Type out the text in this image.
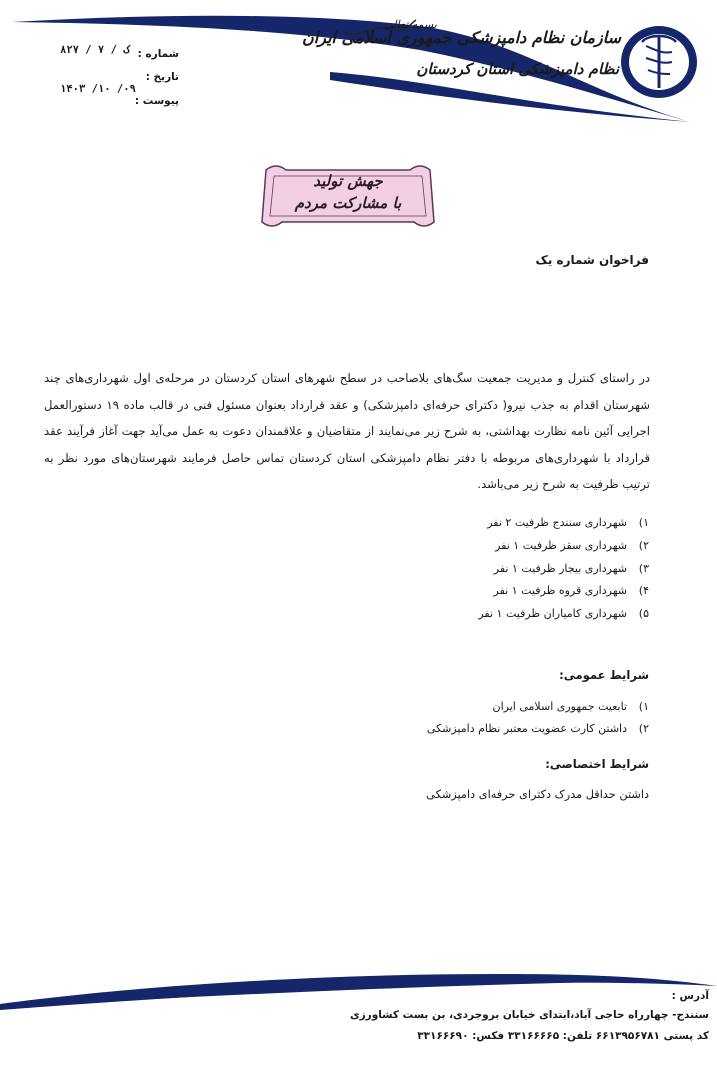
سازمان نظام دامپزشکی جمهوری اسلامی ایران
نظام دامپزشکی استان کردستان
بسمه تعالی
شماره :
۸۲۷ / ۷ / ک
تاریخ :
۱۴۰۳ /۱۰ /۰۹
پیوست :
جهش تولید
با مشارکت مردم
فراخوان شماره یک
در راستای کنترل و مدیریت جمعیت سگ‌های بلاصاحب در سطح شهرهای استان کردستان در مرحله‌ی اول شهرداری‌های چند شهرستان اقدام به جذب نیرو( دکترای حرفه‌ای دامپزشکی) و عقد قرارداد بعنوان مسئول فنی در قالب ماده ۱۹ دستورالعمل اجرایی آئین نامه نظارت بهداشتی، به شرح زیر می‌نمایند از متقاضیان و علاقمندان دعوت به عمل می‌آید جهت آغاز فرآیند عقد قرارداد با شهرداری‌های مربوطه با دفتر نظام دامپزشکی استان کردستان تماس حاصل فرمایند شهرستان‌های مورد نظر به ترتیب ظرفیت به شرح زیر می‌باشد.
۱)شهرداری سنندج ظرفیت ۲ نفر
۲)شهرداری سقز ظرفیت ۱ نفر
۳)شهرداری بیجار ظرفیت ۱ نفر
۴)شهرداری قروه ظرفیت ۱ نفر
۵)شهرداری کامیاران ظرفیت ۱ نفر
شرایط عمومی:
۱)تابعیت جمهوری اسلامی ایران
۲)داشتن کارت عضویت معتبر نظام دامپزشکی
شرایط اختصاصی:
داشتن حداقل مدرک دکترای حرفه‌ای دامپزشکی
آدرس :
سنندج- چهارراه حاجی آباد،ابتدای خیابان بروجردی، بن بست کشاورزی
کد پستی ۶۶۱۳۹۵۶۷۸۱ تلفن: ۳۳۱۶۶۶۶۵ فکس: ۳۳۱۶۶۶۹۰
